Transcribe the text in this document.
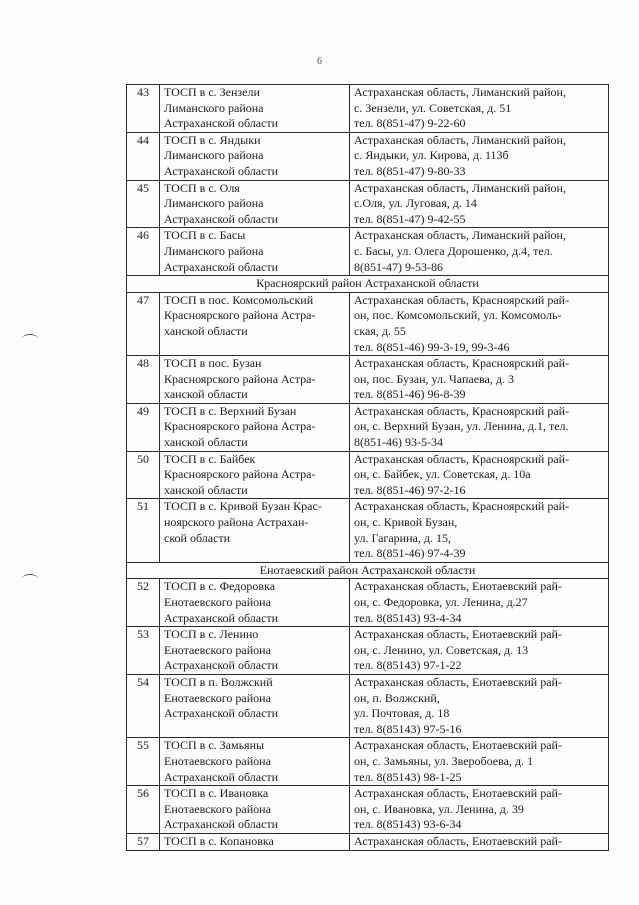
6
43	ТОСП в с. Зензели
Лиманского района
Астраханской области	Астраханская область, Лиманский район,
с. Зензели, ул. Советская, д. 51
тел. 8(851-47) 9-22-60

44	ТОСП в с. Яндыки
Лиманского района
Астраханской области	Астраханская область, Лиманский район,
с. Яндыки, ул. Кирова, д. 113б
тел. 8(851-47) 9-80-33

45	ТОСП в с. Оля
Лиманского района
Астраханской области	Астраханская область, Лиманский район,
с.Оля, ул. Луговая, д. 14
тел. 8(851-47) 9-42-55

46	ТОСП в с. Басы
Лиманского района
Астраханской области	Астраханская область, Лиманский район,
с. Басы, ул. Олега Дорошенко, д.4, тел.
8(851-47) 9-53-86

Красноярский район Астраханской области		
47	ТОСП в пос. Комсомольский
Красноярского района Астра-
ханской области	Астраханская область, Красноярский рай-
он, пос. Комсомольский, ул. Комсомоль-
ская, д. 55
тел. 8(851-46) 99-3-19, 99-3-46

48	ТОСП в пос. Бузан
Красноярского района Астра-
ханской области	Астраханская область, Красноярский рай-
он, пос. Бузан, ул. Чапаева, д. 3
тел. 8(851-46) 96-8-39

49	ТОСП в с. Верхний Бузан
Красноярского района Астра-
ханской области	Астраханская область, Красноярский рай-
он, с. Верхний Бузан, ул. Ленина, д.1, тел.
8(851-46) 93-5-34

50	ТОСП в с. Байбек
Красноярского района Астра-
ханской области	Астраханская область, Красноярский рай-
он, с. Байбек, ул. Советская, д. 10а
тел. 8(851-46) 97-2-16

51	ТОСП в с. Кривой Бузан Крас-
ноярского района Астрахан-
ской области	Астраханская область, Красноярский рай-
он, с. Кривой Бузан,
ул. Гагарина, д. 15,
тел. 8(851-46) 97-4-39

Енотаевский район Астраханской области		
52	ТОСП в с. Федоровка
Енотаевского района
Астраханской области	Астраханская область, Енотаевский рай-
он, с. Федоровка, ул. Ленина, д.27
тел. 8(85143) 93-4-34

53	ТОСП в с. Ленино
Енотаевского района
Астраханской области	Астраханская область, Енотаевский рай-
он, с. Ленино, ул. Советская, д. 13
тел. 8(85143) 97-1-22

54	ТОСП в п. Волжский
Енотаевского района
Астраханской области	Астраханская область, Енотаевский рай-
он, п. Волжский,
ул. Почтовая, д. 18
тел. 8(85143) 97-5-16

55	ТОСП в с. Замьяны
Енотаевского района
Астраханской области	Астраханская область, Енотаевский рай-
он, с. Замьяны, ул. Зверобоева, д. 1
тел. 8(85143) 98-1-25

56	ТОСП в с. Ивановка
Енотаевского района
Астраханской области	Астраханская область, Енотаевский рай-
он, с. Ивановка, ул. Ленина, д. 39
тел. 8(85143) 93-6-34

57	ТОСП в с. Копановка	Астраханская область, Енотаевский рай-
